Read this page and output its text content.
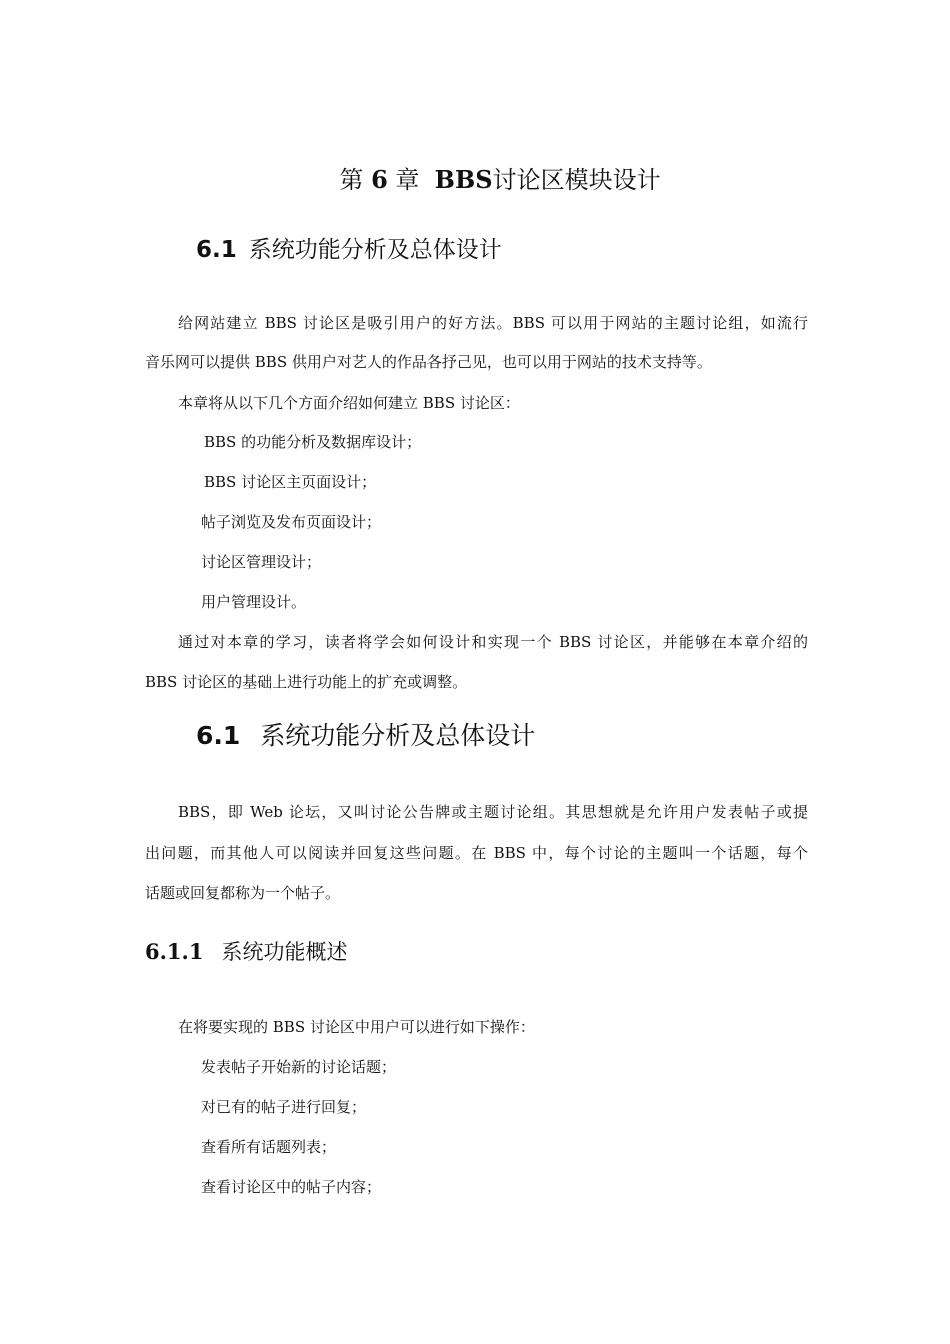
第 6 章 BBS讨论区模块设计
6.1 系统功能分析及总体设计
给网站建立 BBS 讨论区是吸引用户的好方法。BBS 可以用于网站的主题讨论组，如流行
音乐网可以提供 BBS 供用户对艺人的作品各抒己见，也可以用于网站的技术支持等。
本章将从以下几个方面介绍如何建立 BBS 讨论区：
BBS 的功能分析及数据库设计；
BBS 讨论区主页面设计；
帖子浏览及发布页面设计；
讨论区管理设计；
用户管理设计。
通过对本章的学习，读者将学会如何设计和实现一个 BBS 讨论区，并能够在本章介绍的
BBS 讨论区的基础上进行功能上的扩充或调整。
6.1 系统功能分析及总体设计
BBS，即 Web 论坛，又叫讨论公告牌或主题讨论组。其思想就是允许用户发表帖子或提
出问题，而其他人可以阅读并回复这些问题。在 BBS 中，每个讨论的主题叫一个话题，每个
话题或回复都称为一个帖子。
6.1.1 系统功能概述
在将要实现的 BBS 讨论区中用户可以进行如下操作：
发表帖子开始新的讨论话题；
对已有的帖子进行回复；
查看所有话题列表；
查看讨论区中的帖子内容；
